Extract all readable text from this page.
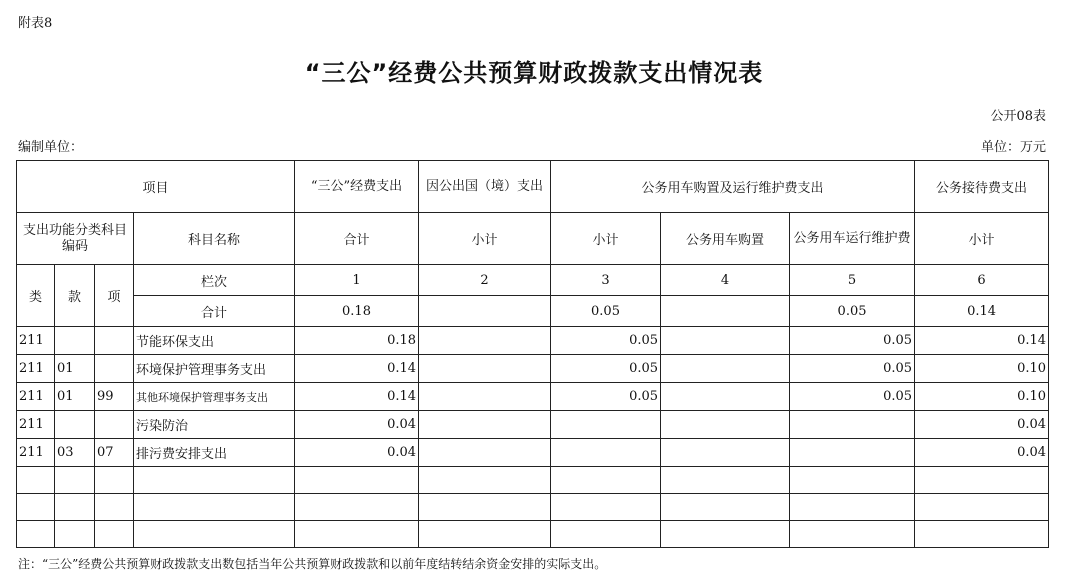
附表8
“三公”经费公共预算财政拨款支出情况表
公开08表
编制单位：	单位：万元
项目				“三公”经费支出	因公出国（境）支出	公务用车购置及运行维护费支出			公务接待费支出
支出功能分类科目编码			科目名称	合计	小计	小计	公务用车购置	公务用车运行维护费	小计
类	款	项	栏次	1	2	3	4	5	6
			合计	0.18		0.05		0.05	0.14
211			节能环保支出	0.18		0.05		0.05	0.14
211	01		环境保护管理事务支出	0.14		0.05		0.05	0.10
211	01	99	其他环境保护管理事务支出	0.14		0.05		0.05	0.10
211			污染防治	0.04					0.04
211	03	07	排污费安排支出	0.04					0.04

注：“三公”经费公共预算财政拨款支出数包括当年公共预算财政拨款和以前年度结转结余资金安排的实际支出。
